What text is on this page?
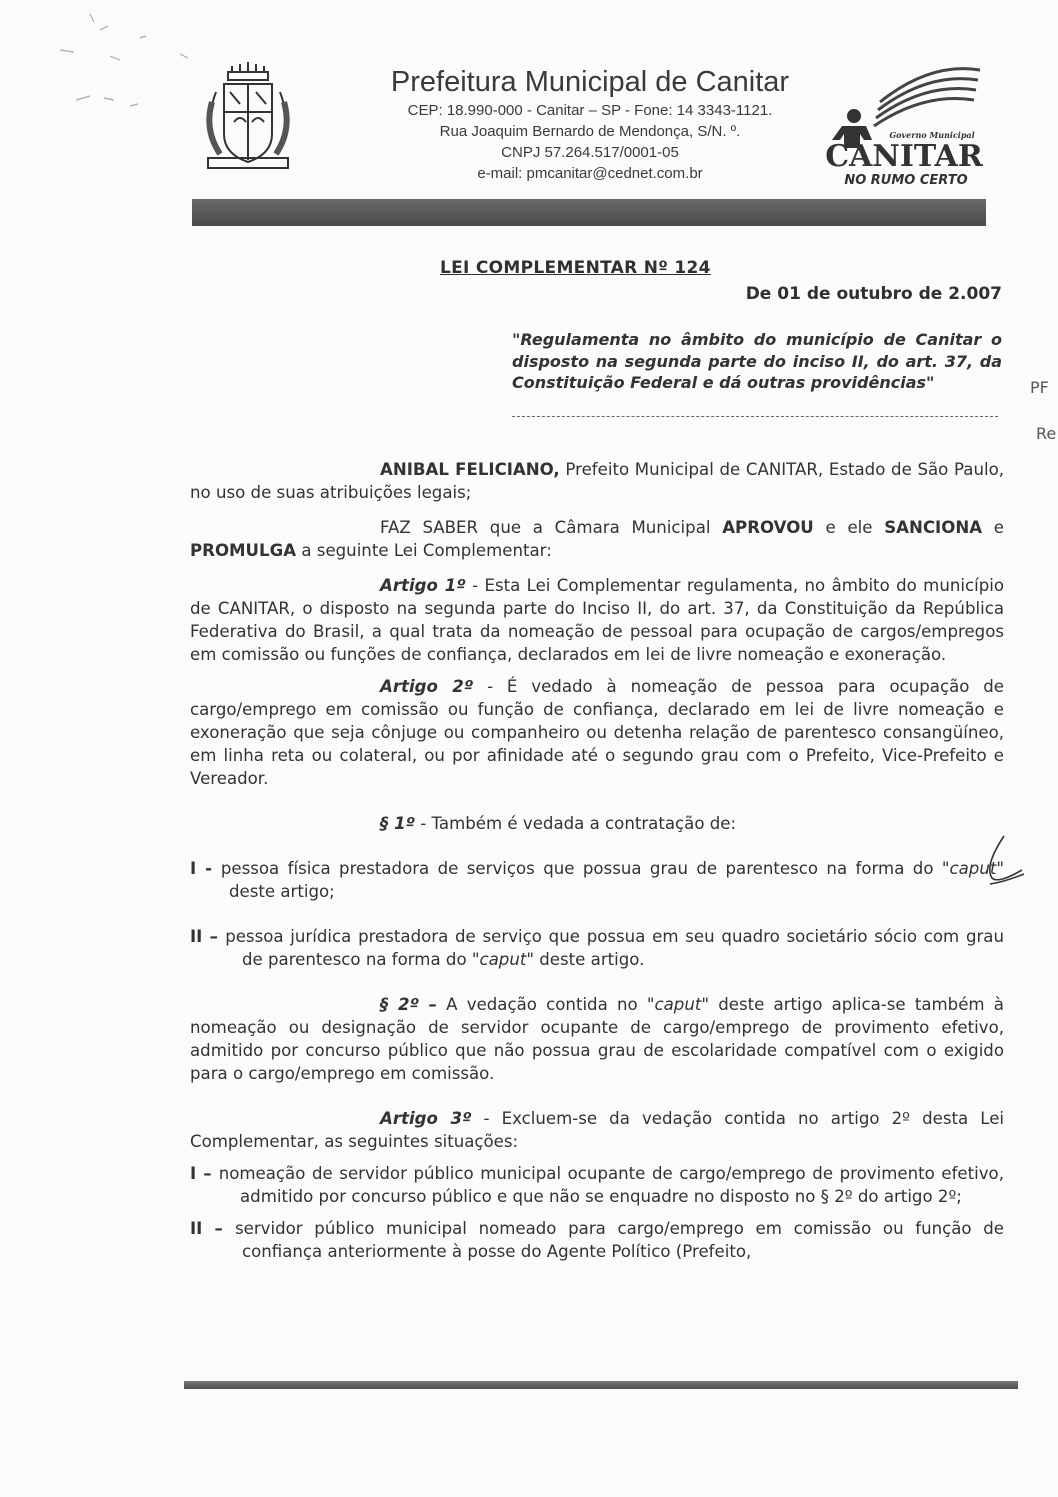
Prefeitura Municipal de Canitar
CEP: 18.990-000 - Canitar – SP - Fone: 14 3343-1121.
Rua Joaquim Bernardo de Mendonça, S/N. º.
CNPJ 57.264.517/0001-05
e-mail: pmcanitar@cednet.com.br
Governo Municipal
CANITAR
NO RUMO CERTO
LEI COMPLEMENTAR Nº 124
De 01 de outubro de 2.007
"Regulamenta no âmbito do município de Canitar o disposto na segunda parte do inciso II, do art. 37, da Constituição Federal e dá outras providências"

ANIBAL FELICIANO, Prefeito Municipal de CANITAR, Estado de São Paulo, no uso de suas atribuições legais;

FAZ SABER que a Câmara Municipal APROVOU e ele SANCIONA e PROMULGA a seguinte Lei Complementar:

Artigo 1º - Esta Lei Complementar regulamenta, no âmbito do município de CANITAR, o disposto na segunda parte do Inciso II, do art. 37, da Constituição da República Federativa do Brasil, a qual trata da nomeação de pessoal para ocupação de cargos/empregos em comissão ou funções de confiança, declarados em lei de livre nomeação e exoneração.

Artigo 2º - É vedado à nomeação de pessoa para ocupação de cargo/emprego em comissão ou função de confiança, declarado em lei de livre nomeação e exoneração que seja cônjuge ou companheiro ou detenha relação de parentesco consangüíneo, em linha reta ou colateral, ou por afinidade até o segundo grau com o Prefeito, Vice-Prefeito e Vereador.

§ 1º - Também é vedada a contratação de:

I - pessoa física prestadora de serviços que possua grau de parentesco na forma do "caput" deste artigo;

II – pessoa jurídica prestadora de serviço que possua em seu quadro societário sócio com grau de parentesco na forma do "caput" deste artigo.

§ 2º – A vedação contida no "caput" deste artigo aplica-se também à nomeação ou designação de servidor ocupante de cargo/emprego de provimento efetivo, admitido por concurso público que não possua grau de escolaridade compatível com o exigido para o cargo/emprego em comissão.

Artigo 3º - Excluem-se da vedação contida no artigo 2º desta Lei Complementar, as seguintes situações:

I – nomeação de servidor público municipal ocupante de cargo/emprego de provimento efetivo, admitido por concurso público e que não se enquadre no disposto no § 2º do artigo 2º;

II – servidor público municipal nomeado para cargo/emprego em comissão ou função de confiança anteriormente à posse do Agente Político (Prefeito,

PF
Re
